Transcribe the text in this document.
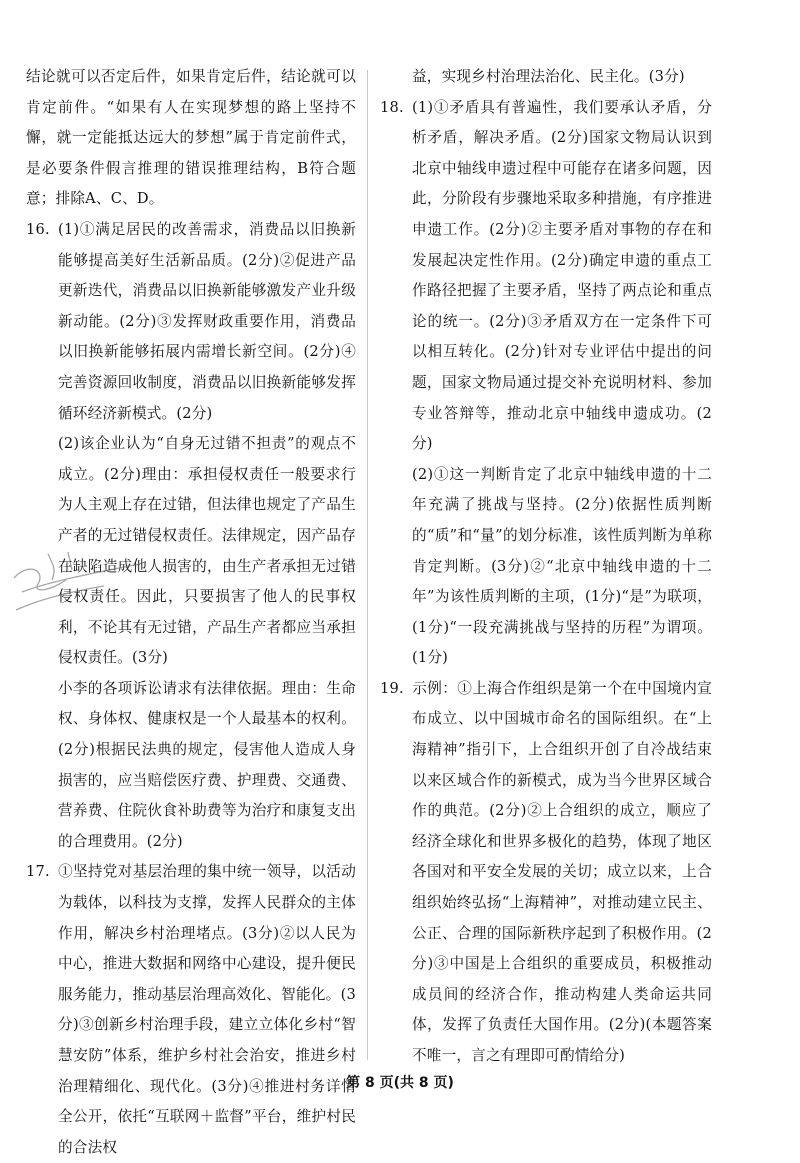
结论就可以否定后件，如果肯定后件，结论就可以肯定前件。“如果有人在实现梦想的路上坚持不懈，就一定能抵达远大的梦想”属于肯定前件式，是必要条件假言推理的错误推理结构，B符合题意；排除A、C、D。

16. (1)①满足居民的改善需求，消费品以旧换新能够提高美好生活新品质。(2分)②促进产品更新迭代，消费品以旧换新能够激发产业升级新动能。(2分)③发挥财政重要作用，消费品以旧换新能够拓展内需增长新空间。(2分)④完善资源回收制度，消费品以旧换新能够发挥循环经济新模式。(2分)

(2)该企业认为“自身无过错不担责”的观点不成立。(2分)理由：承担侵权责任一般要求行为人主观上存在过错，但法律也规定了产品生产者的无过错侵权责任。法律规定，因产品存在缺陷造成他人损害的，由生产者承担无过错侵权责任。因此，只要损害了他人的民事权利，不论其有无过错，产品生产者都应当承担侵权责任。(3分)

小李的各项诉讼请求有法律依据。理由：生命权、身体权、健康权是一个人最基本的权利。(2分)根据民法典的规定，侵害他人造成人身损害的，应当赔偿医疗费、护理费、交通费、营养费、住院伙食补助费等为治疗和康复支出的合理费用。(2分)

17. ①坚持党对基层治理的集中统一领导，以活动为载体，以科技为支撑，发挥人民群众的主体作用，解决乡村治理堵点。(3分)②以人民为中心，推进大数据和网络中心建设，提升便民服务能力，推动基层治理高效化、智能化。(3分)③创新乡村治理手段，建立立体化乡村“智慧安防”体系，维护乡村社会治安，推进乡村治理精细化、现代化。(3分)④推进村务详情全公开，依托“互联网＋监督”平台，维护村民的合法权

益，实现乡村治理法治化、民主化。(3分)

18. (1)①矛盾具有普遍性，我们要承认矛盾，分析矛盾，解决矛盾。(2分)国家文物局认识到北京中轴线申遗过程中可能存在诸多问题，因此，分阶段有步骤地采取多种措施，有序推进申遗工作。(2分)②主要矛盾对事物的存在和发展起决定性作用。(2分)确定申遗的重点工作路径把握了主要矛盾，坚持了两点论和重点论的统一。(2分)③矛盾双方在一定条件下可以相互转化。(2分)针对专业评估中提出的问题，国家文物局通过提交补充说明材料、参加专业答辩等，推动北京中轴线申遗成功。(2分)

(2)①这一判断肯定了北京中轴线申遗的十二年充满了挑战与坚持。(2分)依据性质判断的“质”和“量”的划分标准，该性质判断为单称肯定判断。(3分)②“北京中轴线申遗的十二年”为该性质判断的主项，(1分)“是”为联项，(1分)“一段充满挑战与坚持的历程”为谓项。(1分)

19. 示例：①上海合作组织是第一个在中国境内宣布成立、以中国城市命名的国际组织。在“上海精神”指引下，上合组织开创了自冷战结束以来区域合作的新模式，成为当今世界区域合作的典范。(2分)②上合组织的成立，顺应了经济全球化和世界多极化的趋势，体现了地区各国对和平安全发展的关切；成立以来，上合组织始终弘扬“上海精神”，对推动建立民主、公正、合理的国际新秩序起到了积极作用。(2分)③中国是上合组织的重要成员，积极推动成员间的经济合作，推动构建人类命运共同体，发挥了负责任大国作用。(2分)(本题答案不唯一，言之有理即可酌情给分)

第 8 页(共 8 页)
